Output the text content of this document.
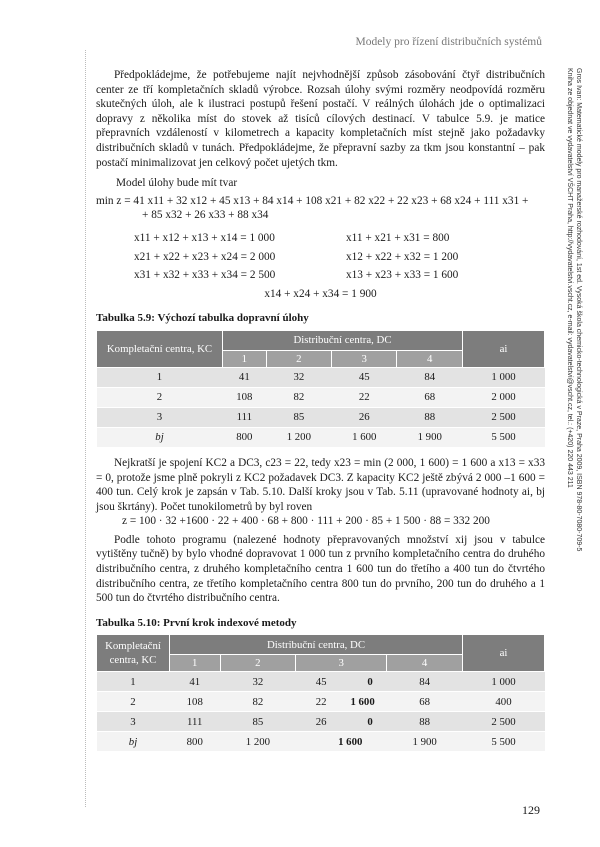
Modely pro řízení distribučních systémů
Gros Ivan: Matematické modely pro manažerské rozhodování, 1st ed. Vysoká škola chemicko-technologická v Praze, Praha 2009, ISBN 978-80-7080-709-5
Kniha ze objednat ve vydavatelství VŠCHT Praha, http://vydavatelstvi.vscht.cz, e-mail: vydavatelstvi@vscht.cz, tel.: (+420) 220 443 211

Předpokládejme, že potřebujeme najít nejvhodnější způsob zásobování čtyř distribučních center ze tří kompletačních skladů výrobce. Rozsah úlohy svými rozměry neodpovídá rozměru skutečných úloh, ale k ilustraci postupů řešení postačí. V reálných úlohách jde o optimalizaci dopravy z několika míst do stovek až tisíců cílových destinací. V tabulce 5.9. je matice přepravních vzdáleností v kilometrech a kapacity kompletačních míst stejně jako požadavky distribučních skladů v tunách. Předpokládejme, že přepravní sazby za tkm jsou konstantní – pak postačí minimalizovat jen celkový počet ujetých tkm.

Model úlohy bude mít tvar

min z = 41 x11 + 32 x12 + 45 x13 + 84 x14 + 108 x21 + 82 x22 + 22 x23 + 68 x24 + 111 x31 +
+ 85 x32 + 26 x33 + 88 x34
x11 + x12 + x13 + x14 = 1 000	x11 + x21 + x31 = 800
x21 + x22 + x23 + x24 = 2 000	x12 + x22 + x32 = 1 200
x31 + x32 + x33 + x34 = 2 500	x13 + x23 + x33 = 1 600
x14 + x24 + x34 = 1 900
Tabulka 5.9: Výchozí tabulka dopravní úlohy
Kompletační centra, KC	Distribuční centra, DC				ai
	1	2	3	4	
1	41	32	45	84	1 000
2	108	82	22	68	2 000
3	111	85	26	88	2 500
bj	800	1 200	1 600	1 900	5 500

Nejkratší je spojení KC2 a DC3, c23 = 22, tedy x23 = min (2 000, 1 600) = 1 600 a x13 = x33 = 0, protože jsme plně pokryli z KC2 požadavek DC3. Z kapacity KC2 ještě zbývá 2 000 –1 600 = 400 tun. Celý krok je zapsán v Tab. 5.10. Další kroky jsou v Tab. 5.11 (upravované hodnoty ai, bj jsou škrtány). Počet tunokilometrů by byl roven

z = 100 · 32 +1600 · 22 + 400 · 68 + 800 · 111 + 200 · 85 + 1 500 · 88 = 332 200

Podle tohoto programu (nalezené hodnoty přepravovaných množství xij jsou v tabulce vytištěny tučně) by bylo vhodné dopravovat 1 000 tun z prvního kompletačního centra do druhého distribučního centra, z druhého kompletačního centra 1 600 tun do třetího a 400 tun do čtvrtého distribučního centra, ze třetího kompletačního centra 800 tun do prvního, 200 tun do druhého a 1 500 tun do čtvrtého distribučního centra.

Tabulka 5.10: První krok indexové metody
Kompletační centra, KC	Distribuční centra, DC				ai
	1	2	3	4	
1	41	32	45 0	84	1 000
2	108	82	22 1 600	68	400
3	111	85	26 0	88	2 500
bj	800	1 200	1 600	1 900	5 500
129
